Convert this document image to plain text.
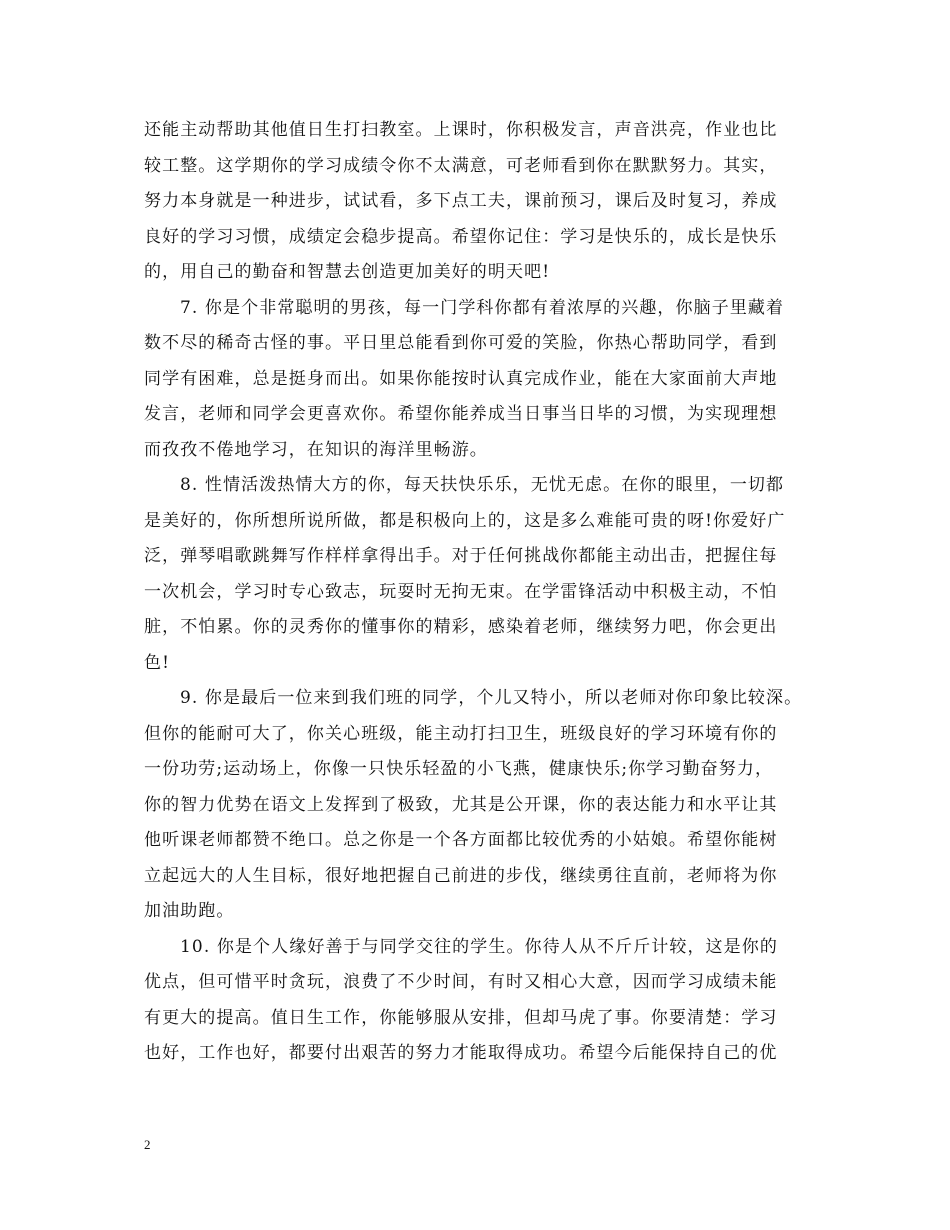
还能主动帮助其他值日生打扫教室。上课时，你积极发言，声音洪亮，作业也比
较工整。这学期你的学习成绩令你不太满意，可老师看到你在默默努力。其实，
努力本身就是一种进步，试试看，多下点工夫，课前预习，课后及时复习，养成
良好的学习习惯，成绩定会稳步提高。希望你记住：学习是快乐的，成长是快乐
的，用自己的勤奋和智慧去创造更加美好的明天吧!
7. 你是个非常聪明的男孩，每一门学科你都有着浓厚的兴趣，你脑子里藏着
数不尽的稀奇古怪的事。平日里总能看到你可爱的笑脸，你热心帮助同学，看到
同学有困难，总是挺身而出。如果你能按时认真完成作业，能在大家面前大声地
发言，老师和同学会更喜欢你。希望你能养成当日事当日毕的习惯，为实现理想
而孜孜不倦地学习，在知识的海洋里畅游。
8. 性情活泼热情大方的你，每天扶快乐乐，无忧无虑。在你的眼里，一切都
是美好的，你所想所说所做，都是积极向上的，这是多么难能可贵的呀!你爱好广
泛，弹琴唱歌跳舞写作样样拿得出手。对于任何挑战你都能主动出击，把握住每
一次机会，学习时专心致志，玩耍时无拘无束。在学雷锋活动中积极主动，不怕
脏，不怕累。你的灵秀你的懂事你的精彩，感染着老师，继续努力吧，你会更出
色!
9. 你是最后一位来到我们班的同学，个儿又特小，所以老师对你印象比较深。
但你的能耐可大了，你关心班级，能主动打扫卫生，班级良好的学习环境有你的
一份功劳;运动场上，你像一只快乐轻盈的小飞燕，健康快乐;你学习勤奋努力，
你的智力优势在语文上发挥到了极致，尤其是公开课，你的表达能力和水平让其
他听课老师都赞不绝口。总之你是一个各方面都比较优秀的小姑娘。希望你能树
立起远大的人生目标，很好地把握自己前进的步伐，继续勇往直前，老师将为你
加油助跑。
10. 你是个人缘好善于与同学交往的学生。你待人从不斤斤计较，这是你的
优点，但可惜平时贪玩，浪费了不少时间，有时又相心大意，因而学习成绩未能
有更大的提高。值日生工作，你能够服从安排，但却马虎了事。你要清楚：学习
也好，工作也好，都要付出艰苦的努力才能取得成功。希望今后能保持自己的优
2
